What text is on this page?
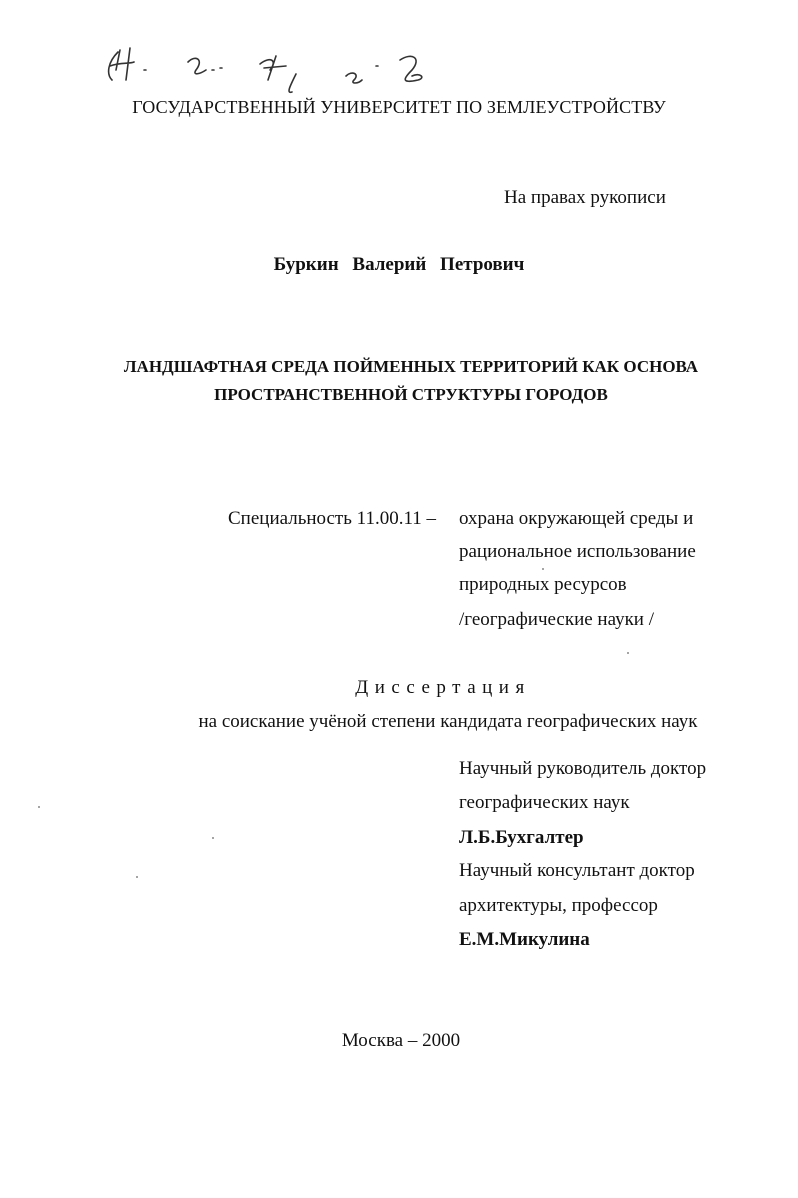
ГОСУДАРСТВЕННЫЙ УНИВЕРСИТЕТ ПО ЗЕМЛЕУСТРОЙСТВУ
На правах рукописи
Буркин Валерий Петрович
ЛАНДШАФТНАЯ СРЕДА ПОЙМЕННЫХ ТЕРРИТОРИЙ КАК ОСНОВА
ПРОСТРАНСТВЕННОЙ СТРУКТУРЫ ГОРОДОВ
Специальность 11.00.11 – охрана окружающей среды и
рациональное использование
природных ресурсов
/географические науки /
Диссертация
на соискание учёной степени кандидата географических наук
Научный руководитель доктор
географических наук
Л.Б.Бухгалтер
Научный консультант доктор
архитектуры, профессор
Е.М.Микулина
Москва – 2000
